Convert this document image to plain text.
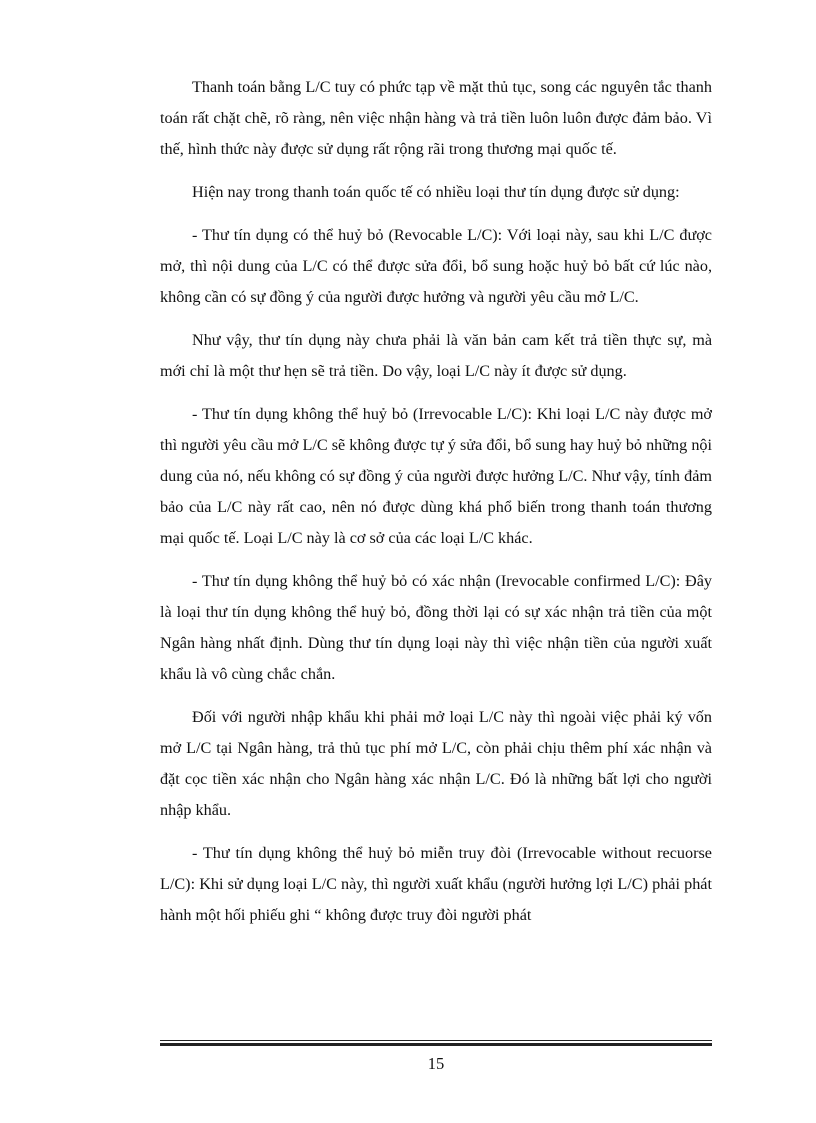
Thanh toán bằng L/C tuy có phức tạp về mặt thủ tục, song các nguyên tắc thanh toán rất chặt chẽ, rõ ràng, nên việc nhận hàng và trả tiền luôn luôn được đảm bảo. Vì thế, hình thức này được sử dụng rất rộng rãi trong thương mại quốc tế.

Hiện nay trong thanh toán quốc tế có nhiều loại thư tín dụng được sử dụng:

- Thư tín dụng có thể huỷ bỏ (Revocable L/C): Với loại này, sau khi L/C được mở, thì nội dung của L/C có thể được sửa đổi, bổ sung hoặc huỷ bỏ bất cứ lúc nào, không cần có sự đồng ý của người được hưởng và người yêu cầu mở L/C.

Như vậy, thư tín dụng này chưa phải là văn bản cam kết trả tiền thực sự, mà mới chỉ là một thư hẹn sẽ trả tiền. Do vậy, loại L/C này ít được sử dụng.

- Thư tín dụng không thể huỷ bỏ (Irrevocable L/C): Khi loại L/C này được mở thì người yêu cầu mở L/C sẽ không được tự ý sửa đổi, bổ sung hay huỷ bỏ những nội dung của nó, nếu không có sự đồng ý của người được hưởng L/C. Như vậy, tính đảm bảo của L/C này rất cao, nên nó được dùng khá phổ biến trong thanh toán thương mại quốc tế. Loại L/C này là cơ sở của các loại L/C khác.

- Thư tín dụng không thể huỷ bỏ có xác nhận (Irevocable confirmed L/C): Đây là loại thư tín dụng không thể huỷ bỏ, đồng thời lại có sự xác nhận trả tiền của một Ngân hàng nhất định. Dùng thư tín dụng loại này thì việc nhận tiền của người xuất khẩu là vô cùng chắc chắn.

Đối với người nhập khẩu khi phải mở loại L/C này thì ngoài việc phải ký vốn mở L/C tại Ngân hàng, trả thủ tục phí mở L/C, còn phải chịu thêm phí xác nhận và đặt cọc tiền xác nhận cho Ngân hàng xác nhận L/C. Đó là những bất lợi cho người nhập khẩu.

- Thư tín dụng không thể huỷ bỏ miễn truy đòi (Irrevocable without recuorse L/C): Khi sử dụng loại L/C này, thì người xuất khẩu (người hưởng lợi L/C) phải phát hành một hối phiếu ghi “ không được truy đòi người phát

15
